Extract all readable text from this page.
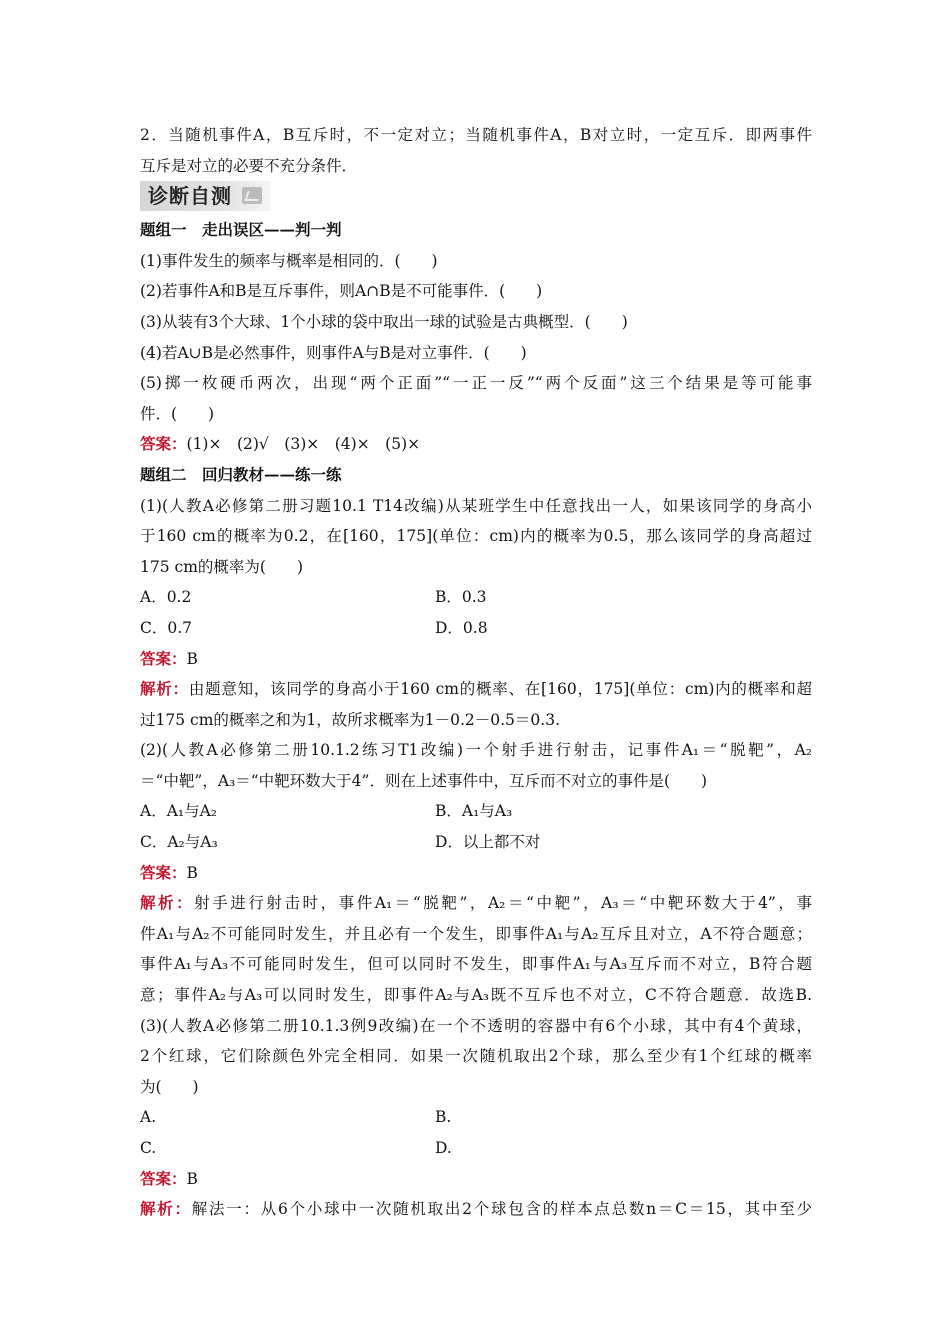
2．当随机事件A，B互斥时，不一定对立；当随机事件A，B对立时，一定互斥．即两事件
互斥是对立的必要不充分条件．
诊断自测
题组一　走出误区——判一判
(1)事件发生的频率与概率是相同的．(　　)
(2)若事件A和B是互斥事件，则A∩B是不可能事件．(　　)
(3)从装有3个大球、1个小球的袋中取出一球的试验是古典概型．(　　)
(4)若A∪B是必然事件，则事件A与B是对立事件．(　　)
(5)掷一枚硬币两次，出现“两个正面”“一正一反”“两个反面”这三个结果是等可能事
件．(　　)
答案：(1)×　(2)√　(3)×　(4)×　(5)×
题组二　回归教材——练一练
(1)(人教A必修第二册习题10.1 T14改编)从某班学生中任意找出一人，如果该同学的身高小
于160 cm的概率为0.2，在[160，175](单位：cm)内的概率为0.5，那么该同学的身高超过
175 cm的概率为(　　)
A．0.2	B．0.3
C．0.7	D．0.8
答案：B
解析：由题意知，该同学的身高小于160 cm的概率、在[160，175](单位：cm)内的概率和超
过175 cm的概率之和为1，故所求概率为1－0.2－0.5＝0.3.
(2)(人教A必修第二册10.1.2练习T1改编)一个射手进行射击，记事件A₁＝“脱靶”，A₂
＝“中靶”，A₃＝“中靶环数大于4”．则在上述事件中，互斥而不对立的事件是(　　)
A．A₁与A₂	B．A₁与A₃
C．A₂与A₃	D．以上都不对
答案：B
解析：射手进行射击时，事件A₁＝“脱靶”，A₂＝“中靶”，A₃＝“中靶环数大于4”，事
件A₁与A₂不可能同时发生，并且必有一个发生，即事件A₁与A₂互斥且对立，A不符合题意；
事件A₁与A₃不可能同时发生，但可以同时不发生，即事件A₁与A₃互斥而不对立，B符合题
意；事件A₂与A₃可以同时发生，即事件A₂与A₃既不互斥也不对立，C不符合题意．故选B.
(3)(人教A必修第二册10.1.3例9改编)在一个不透明的容器中有6个小球，其中有4个黄球，
2个红球，它们除颜色外完全相同．如果一次随机取出2个球，那么至少有1个红球的概率
为(　　)
A.	B.
C.	D.
答案：B
解析：解法一：从6个小球中一次随机取出2个球包含的样本点总数n＝C＝15，其中至少
